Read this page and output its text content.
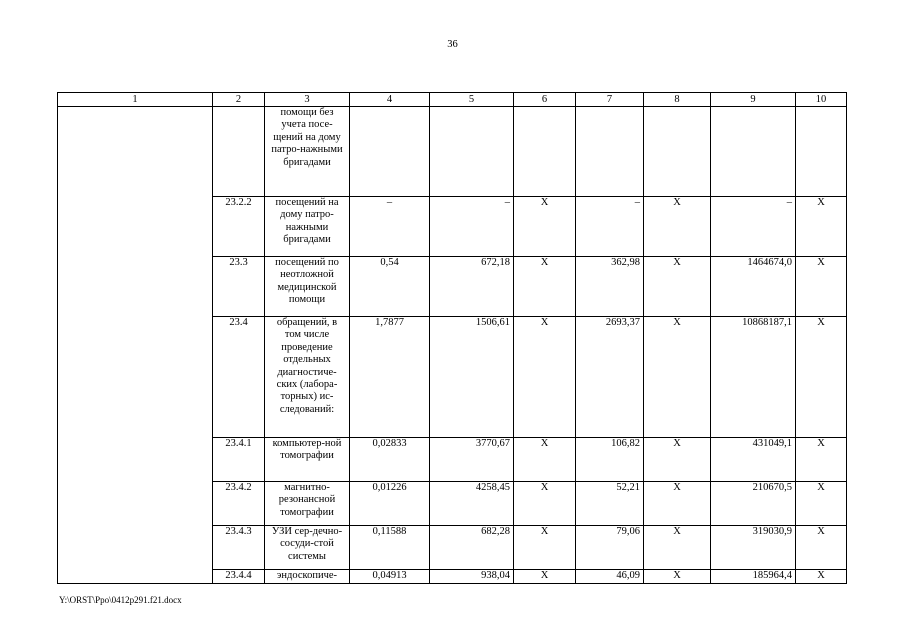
36
1	2	3	4	5	6	7	8	9	10
		помощи без учета посе-щений на дому патро-нажными бригадами							
	23.2.2	посещений на дому патро-нажными бригадами	–	–	Х	–	Х	–	Х
	23.3	посещений по неотложной медицинской помощи	0,54	672,18	Х	362,98	Х	1464674,0	Х
	23.4	обращений, в том числе проведение отдельных диагностиче-ских (лабора-торных) ис-следований:	1,7877	1506,61	Х	2693,37	Х	10868187,1	Х
	23.4.1	компьютер-ной томографии	0,02833	3770,67	Х	106,82	Х	431049,1	Х
	23.4.2	магнитно-резонансной томографии	0,01226	4258,45	Х	52,21	Х	210670,5	Х
	23.4.3	УЗИ сер-дечно-сосуди-стой системы	0,11588	682,28	Х	79,06	Х	319030,9	Х
	23.4.4	эндоскопиче-	0,04913	938,04	Х	46,09	Х	185964,4	Х
Y:\ORST\Ppo\0412p291.f21.docx
